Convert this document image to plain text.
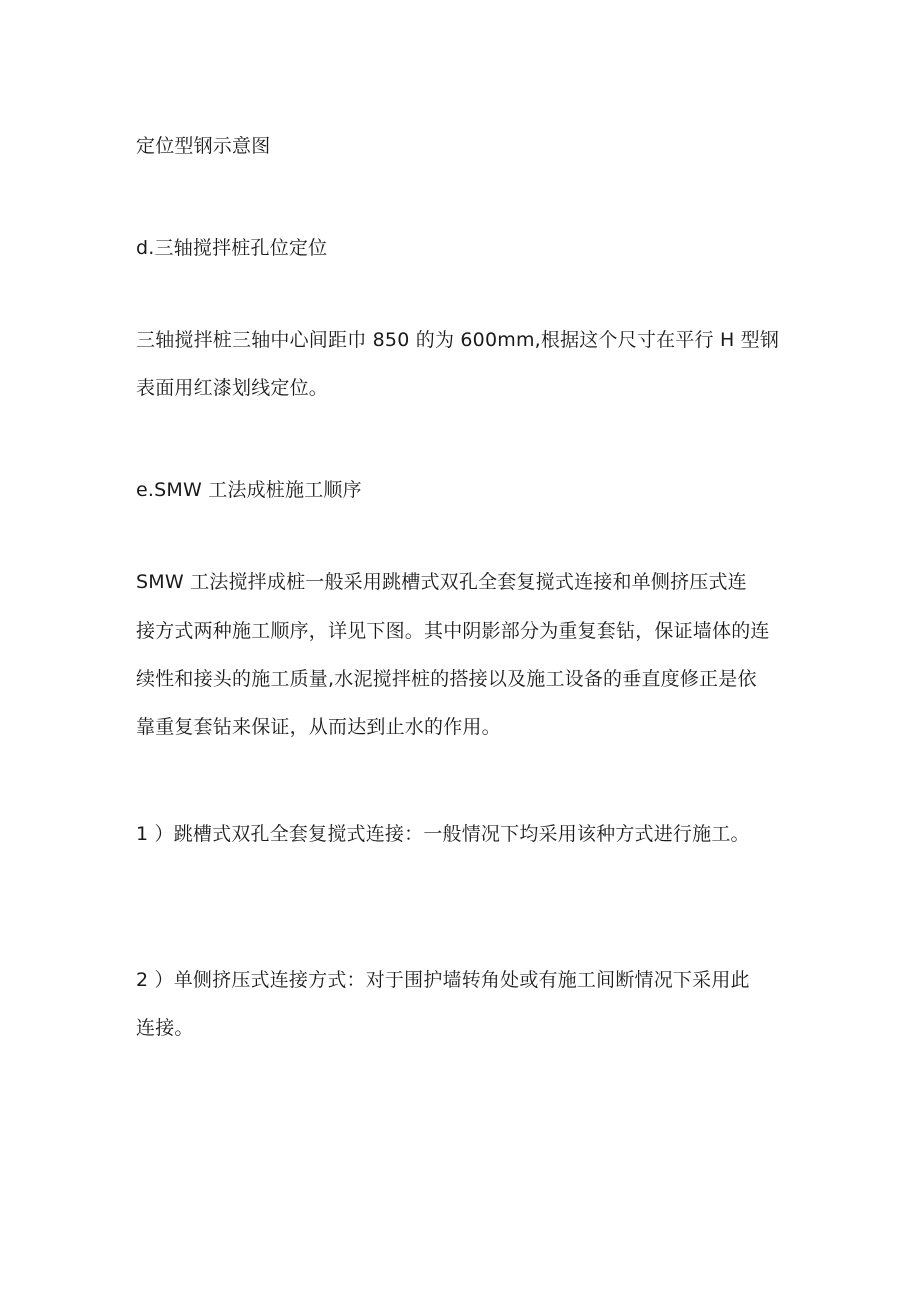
定位型钢示意图
d.三轴搅拌桩孔位定位
三轴搅拌桩三轴中心间距巾 850 的为 600mm,根据这个尺寸在平行 H 型钢
表面用红漆划线定位。
e.SMW 工法成桩施工顺序
SMW 工法搅拌成桩一般采用跳槽式双孔全套复搅式连接和单侧挤压式连
接方式两种施工顺序，详见下图。其中阴影部分为重复套钻，保证墙体的连
续性和接头的施工质量,水泥搅拌桩的搭接以及施工设备的垂直度修正是依
靠重复套钻来保证，从而达到止水的作用。
1 ）跳槽式双孔全套复搅式连接：一般情况下均采用该种方式进行施工。
2 ）单侧挤压式连接方式：对于围护墙转角处或有施工间断情况下采用此
连接。
